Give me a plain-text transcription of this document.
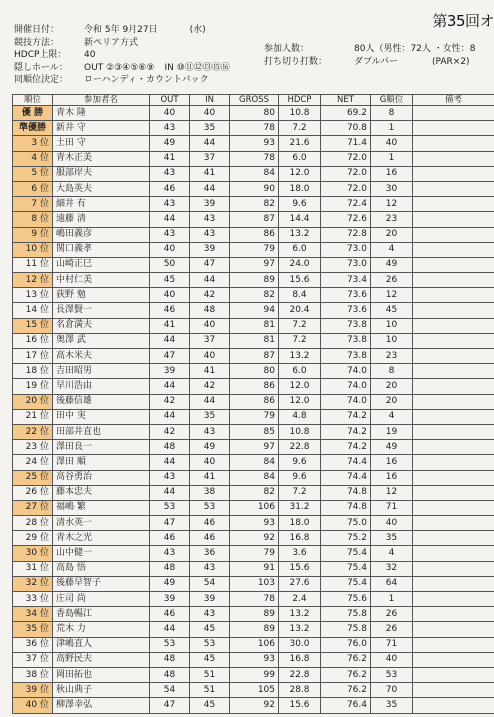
第35回オ
開催日付：	令和 5年 9月27日	(水)
競技方法：	新ペリア方式
HDCP上限： 40
隠しホール： OUT ②③④⑤⑥⑨ IN ⑩⑪⑫⑬⑮⑯
同順位決定： ローハンディ・カウントバック
参加人数：	80人（男性：72人 ・女性：8
打ち切り打数：	ダブルパー	(PAR×2)
順位	参加者名	OUT	IN	GROSS	HDCP	NET	G順位	備考
優 勝	青木 隆	40	40	80	10.8	69.2	8	
準優勝	新井 守	43	35	78	7.2	70.8	1	
3 位	土田 守	49	44	93	21.6	71.4	40	
4 位	青木正美	41	37	78	6.0	72.0	1	
5 位	服部岸夫	43	41	84	12.0	72.0	16	
6 位	大島英夫	46	44	90	18.0	72.0	30	
7 位	細井 有	43	39	82	9.6	72.4	12	
8 位	遠藤 清	44	43	87	14.4	72.6	23	
9 位	嶋田義彦	43	43	86	13.2	72.8	20	
10 位	関口義孝	40	39	79	6.0	73.0	4	
11 位	山崎正巳	50	47	97	24.0	73.0	49	
12 位	中村仁美	45	44	89	15.6	73.4	26	
13 位	荻野 勉	40	42	82	8.4	73.6	12	
14 位	長澤賢一	46	48	94	20.4	73.6	45	
15 位	名倉満夫	41	40	81	7.2	73.8	10	
16 位	奥澤 武	44	37	81	7.2	73.8	10	
17 位	高木米夫	47	40	87	13.2	73.8	23	
18 位	吉田昭男	39	41	80	6.0	74.0	8	
19 位	早川浩由	44	42	86	12.0	74.0	20	
20 位	後藤信雄	42	44	86	12.0	74.0	20	
21 位	田中 実	44	35	79	4.8	74.2	4	
22 位	田部井直也	42	43	85	10.8	74.2	19	
23 位	澤田良一	48	49	97	22.8	74.2	49	
24 位	澤田 順	44	40	84	9.6	74.4	16	
25 位	高谷勇治	43	41	84	9.6	74.4	16	
26 位	藤本忠夫	44	38	82	7.2	74.8	12	
27 位	福嶋 繁	53	53	106	31.2	74.8	71	
28 位	清水英一	47	46	93	18.0	75.0	40	
29 位	青木之光	46	46	92	16.8	75.2	35	
30 位	山中健一	43	36	79	3.6	75.4	4	
31 位	高島 悟	48	43	91	15.6	75.4	32	
32 位	後藤早智子	49	54	103	27.6	75.4	64	
33 位	庄司 尚	39	39	78	2.4	75.6	1	
34 位	香島暢江	46	43	89	13.2	75.8	26	
35 位	荒木 力	44	45	89	13.2	75.8	26	
36 位	津嶋直人	53	53	106	30.0	76.0	71	
37 位	高野民夫	48	45	93	16.8	76.2	40	
38 位	岡田拓也	48	51	99	22.8	76.2	53	
39 位	秋山典子	54	51	105	28.8	76.2	70	
40 位	柳澤幸弘	47	45	92	15.6	76.4	35	
